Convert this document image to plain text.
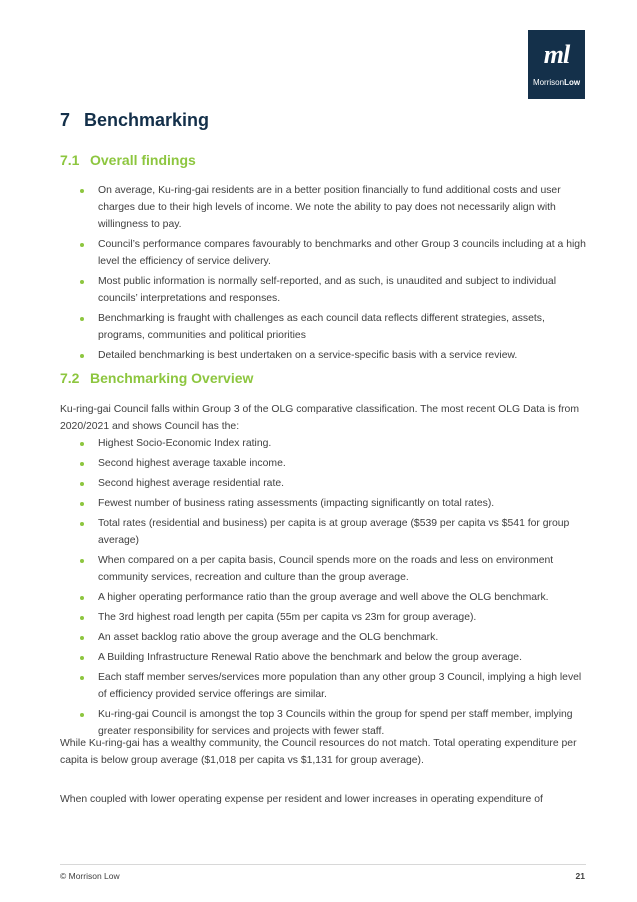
ml
MorrisonLow
7 Benchmarking
7.1 Overall findings
On average, Ku-ring-gai residents are in a better position financially to fund additional costs and user charges due to their high levels of income. We note the ability to pay does not necessarily align with willingness to pay.
Council’s performance compares favourably to benchmarks and other Group 3 councils including at a high level the efficiency of service delivery.
Most public information is normally self-reported, and as such, is unaudited and subject to individual councils’ interpretations and responses.
Benchmarking is fraught with challenges as each council data reflects different strategies, assets, programs, communities and political priorities
Detailed benchmarking is best undertaken on a service-specific basis with a service review.
7.2 Benchmarking Overview

Ku-ring-gai Council falls within Group 3 of the OLG comparative classification. The most recent OLG Data is from 2020/2021 and shows Council has the:

Highest Socio-Economic Index rating.
Second highest average taxable income.
Second highest average residential rate.
Fewest number of business rating assessments (impacting significantly on total rates).
Total rates (residential and business) per capita is at group average ($539 per capita vs $541 for group average)
When compared on a per capita basis, Council spends more on the roads and less on environment community services, recreation and culture than the group average.
A higher operating performance ratio than the group average and well above the OLG benchmark.
The 3rd highest road length per capita (55m per capita vs 23m for group average).
An asset backlog ratio above the group average and the OLG benchmark.
A Building Infrastructure Renewal Ratio above the benchmark and below the group average.
Each staff member serves/services more population than any other group 3 Council, implying a high level of efficiency provided service offerings are similar.
Ku-ring-gai Council is amongst the top 3 Councils within the group for spend per staff member, implying greater responsibility for services and projects with fewer staff.

While Ku-ring-gai has a wealthy community, the Council resources do not match. Total operating expenditure per capita is below group average ($1,018 per capita vs $1,131 for group average).

When coupled with lower operating expense per resident and lower increases in operating expenditure of

© Morrison Low	21
